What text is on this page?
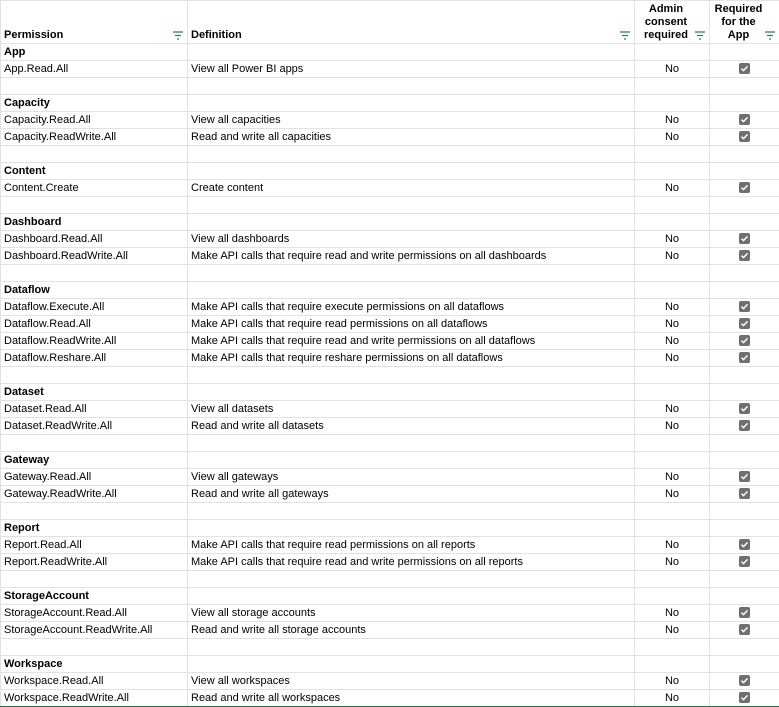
Permission	Definition	Admin consent required	Required for the App

App			
App.Read.All	View all Power BI apps	No	

Capacity			
Capacity.Read.All	View all capacities	No	

Capacity.ReadWrite.All	Read and write all capacities	No	

Content			
Content.Create	Create content	No	

Dashboard			
Dashboard.Read.All	View all dashboards	No	

Dashboard.ReadWrite.All	Make API calls that require read and write permissions on all dashboards	No	

Dataflow			
Dataflow.Execute.All	Make API calls that require execute permissions on all dataflows	No	

Dataflow.Read.All	Make API calls that require read permissions on all dataflows	No	

Dataflow.ReadWrite.All	Make API calls that require read and write permissions on all dataflows	No	

Dataflow.Reshare.All	Make API calls that require reshare permissions on all dataflows	No	

Dataset			
Dataset.Read.All	View all datasets	No	

Dataset.ReadWrite.All	Read and write all datasets	No	

Gateway			
Gateway.Read.All	View all gateways	No	

Gateway.ReadWrite.All	Read and write all gateways	No	

Report			
Report.Read.All	Make API calls that require read permissions on all reports	No	

Report.ReadWrite.All	Make API calls that require read and write permissions on all reports	No	

StorageAccount			
StorageAccount.Read.All	View all storage accounts	No	

StorageAccount.ReadWrite.All	Read and write all storage accounts	No	

Workspace			
Workspace.Read.All	View all workspaces	No	

Workspace.ReadWrite.All	Read and write all workspaces	No	
